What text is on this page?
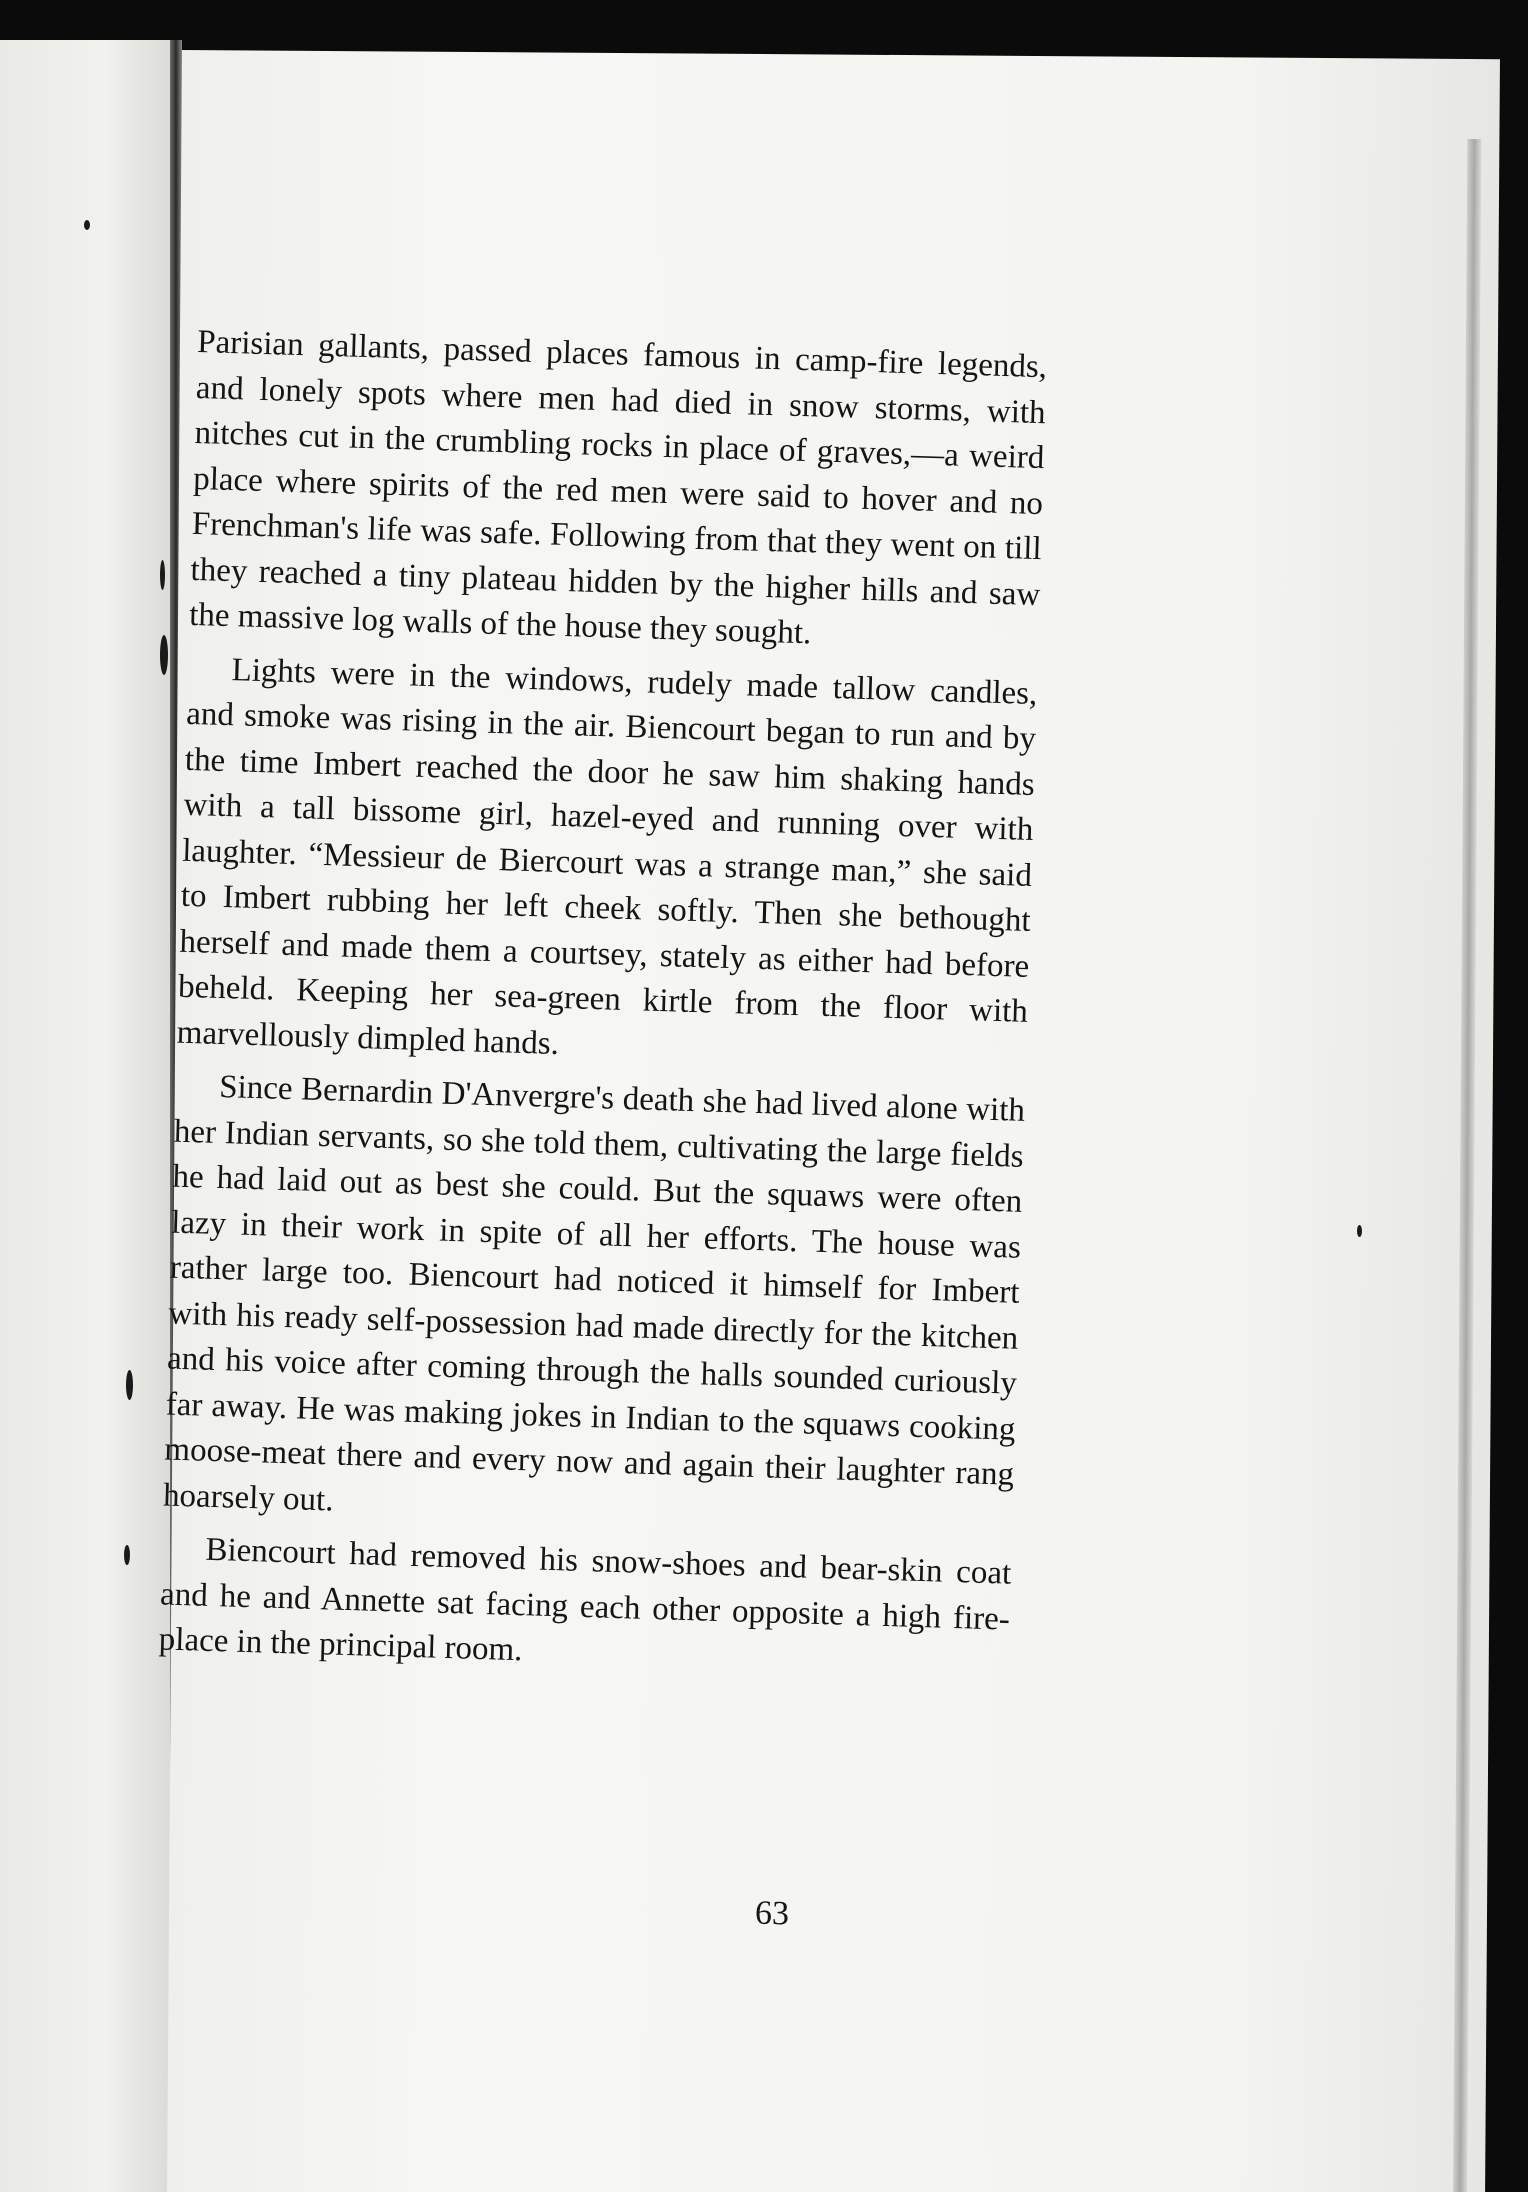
Parisian gallants, passed places famous in camp-fire legends, and lonely spots where men had died in snow storms, with nitches cut in the crumbling rocks in place of graves,—a weird place where spirits of the red men were said to hover and no Frenchman's life was safe. Following from that they went on till they reached a tiny plateau hidden by the higher hills and saw the massive log walls of the house they sought.

Lights were in the windows, rudely made tallow candles, and smoke was rising in the air. Biencourt began to run and by the time Imbert reached the door he saw him shaking hands with a tall bissome girl, hazel-eyed and running over with laughter. “Messieur de Biercourt was a strange man,” she said to Imbert rubbing her left cheek softly. Then she bethought herself and made them a courtsey, stately as either had before beheld. Keeping her sea-green kirtle from the floor with marvellously dimpled hands.

Since Bernardin D'Anvergre's death she had lived alone with her Indian servants, so she told them, cultivating the large fields he had laid out as best she could. But the squaws were often lazy in their work in spite of all her efforts. The house was rather large too. Biencourt had noticed it himself for Imbert with his ready self-possession had made directly for the kitchen and his voice after coming through the halls sounded curiously far away. He was making jokes in Indian to the squaws cooking moose-meat there and every now and again their laughter rang hoarsely out.

Biencourt had removed his snow-shoes and bear-skin coat and he and Annette sat facing each other opposite a high fire-place in the principal room.

63
